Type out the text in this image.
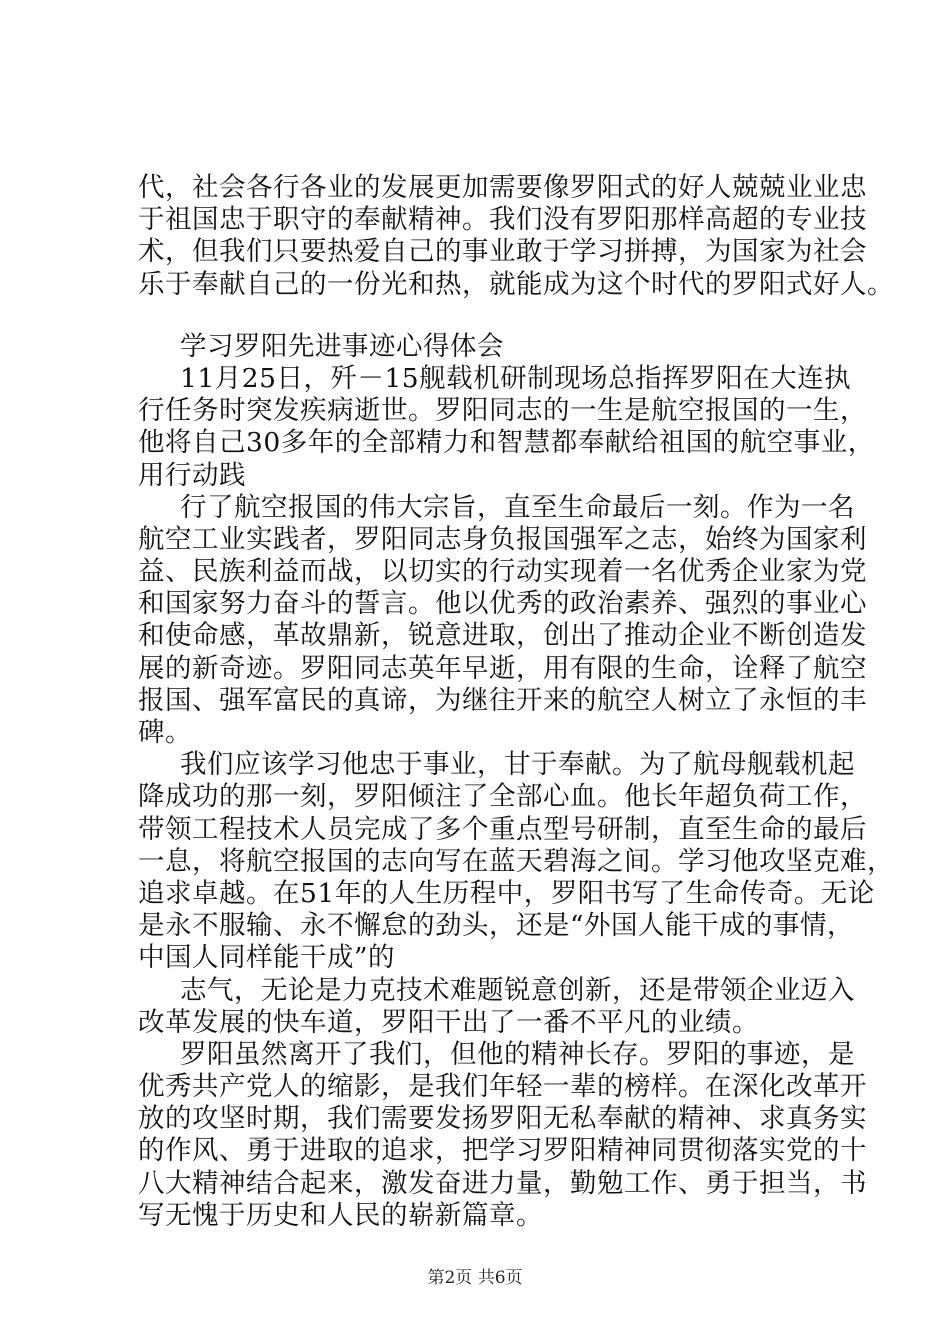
代，社会各行各业的发展更加需要像罗阳式的好人兢兢业业忠
于祖国忠于职守的奉献精神。我们没有罗阳那样高超的专业技
术，但我们只要热爱自己的事业敢于学习拼搏，为国家为社会
乐于奉献自己的一份光和热，就能成为这个时代的罗阳式好人。
学习罗阳先进事迹心得体会
11月25日，歼－15舰载机研制现场总指挥罗阳在大连执
行任务时突发疾病逝世。罗阳同志的一生是航空报国的一生，
他将自己30多年的全部精力和智慧都奉献给祖国的航空事业，
用行动践
行了航空报国的伟大宗旨，直至生命最后一刻。作为一名
航空工业实践者，罗阳同志身负报国强军之志，始终为国家利
益、民族利益而战，以切实的行动实现着一名优秀企业家为党
和国家努力奋斗的誓言。他以优秀的政治素养、强烈的事业心
和使命感，革故鼎新，锐意进取，创出了推动企业不断创造发
展的新奇迹。罗阳同志英年早逝，用有限的生命，诠释了航空
报国、强军富民的真谛，为继往开来的航空人树立了永恒的丰
碑。
我们应该学习他忠于事业，甘于奉献。为了航母舰载机起
降成功的那一刻，罗阳倾注了全部心血。他长年超负荷工作，
带领工程技术人员完成了多个重点型号研制，直至生命的最后
一息，将航空报国的志向写在蓝天碧海之间。学习他攻坚克难，
追求卓越。在51年的人生历程中，罗阳书写了生命传奇。无论
是永不服输、永不懈怠的劲头，还是“外国人能干成的事情，
中国人同样能干成”的
志气，无论是力克技术难题锐意创新，还是带领企业迈入
改革发展的快车道，罗阳干出了一番不平凡的业绩。
罗阳虽然离开了我们，但他的精神长存。罗阳的事迹，是
优秀共产党人的缩影，是我们年轻一辈的榜样。在深化改革开
放的攻坚时期，我们需要发扬罗阳无私奉献的精神、求真务实
的作风、勇于进取的追求，把学习罗阳精神同贯彻落实党的十
八大精神结合起来，激发奋进力量，勤勉工作、勇于担当，书
写无愧于历史和人民的崭新篇章。
第2页 共6页
